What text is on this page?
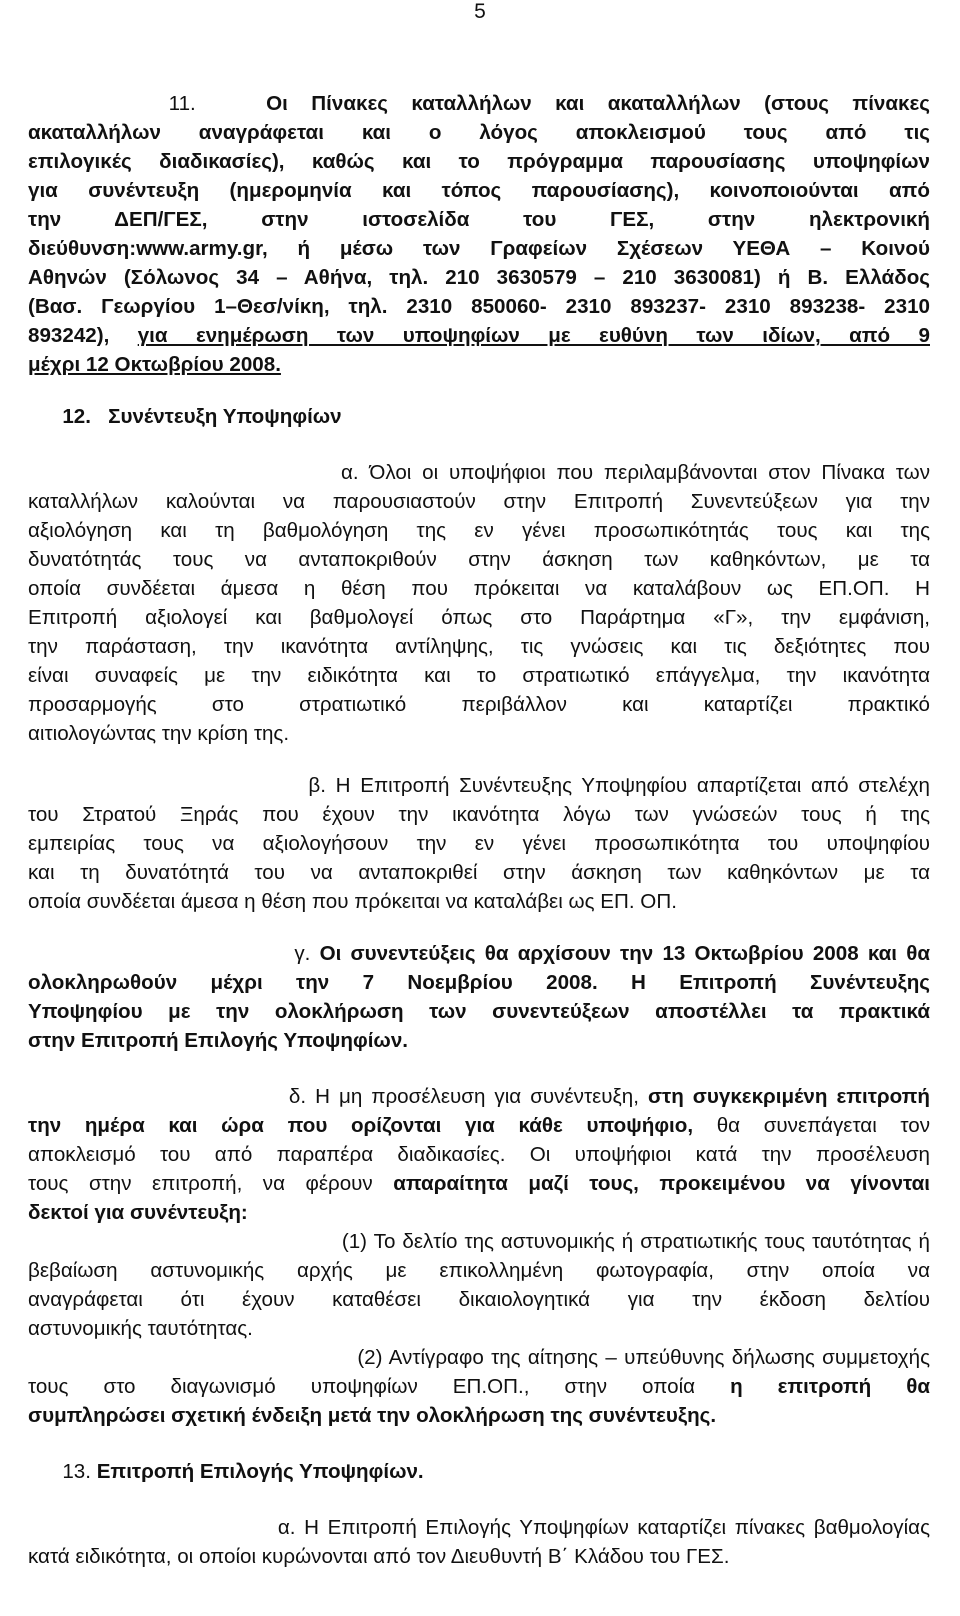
5
11.   Οι Πίνακες καταλλήλων και ακαταλλήλων (στους πίνακες
ακαταλλήλων αναγράφεται και ο λόγος αποκλεισμού τους από τις
επιλογικές διαδικασίες), καθώς και το πρόγραμμα παρουσίασης υποψηφίων
για συνέντευξη (ημερομηνία και τόπος παρουσίασης), κοινοποιούνται από
την ΔΕΠ/ΓΕΣ, στην ιστοσελίδα του ΓΕΣ, στην ηλεκτρονική
διεύθυνση:www.army.gr, ή μέσω των Γραφείων Σχέσεων ΥΕΘΑ – Κοινού
Αθηνών (Σόλωνος 34 – Αθήνα, τηλ. 210 3630579 – 210 3630081) ή Β. Ελλάδος
(Βασ. Γεωργίου 1–Θεσ/νίκη, τηλ. 2310 850060- 2310 893237- 2310 893238- 2310
893242), για ενημέρωση των υποψηφίων με ευθύνη των ιδίων, από 9
μέχρι 12 Οκτωβρίου 2008.
12.   Συνέντευξη Υποψηφίων
α. Όλοι οι υποψήφιοι που περιλαμβάνονται στον Πίνακα των
καταλλήλων καλούνται να παρουσιαστούν στην Επιτροπή Συνεντεύξεων για την
αξιολόγηση και τη βαθμολόγηση της εν γένει προσωπικότητάς τους και της
δυνατότητάς τους να ανταποκριθούν στην άσκηση των καθηκόντων, με τα
οποία συνδέεται άμεσα η θέση που πρόκειται να καταλάβουν ως ΕΠ.ΟΠ. Η
Επιτροπή αξιολογεί και βαθμολογεί όπως στο Παράρτημα «Γ», την εμφάνιση,
την παράσταση, την ικανότητα αντίληψης, τις γνώσεις και τις δεξιότητες που
είναι συναφείς με την ειδικότητα και το στρατιωτικό επάγγελμα, την ικανότητα
προσαρμογής στο στρατιωτικό περιβάλλον και καταρτίζει πρακτικό
αιτιολογώντας την κρίση της.
β. Η Επιτροπή Συνέντευξης Υποψηφίου απαρτίζεται από στελέχη
του Στρατού Ξηράς που έχουν την ικανότητα λόγω των γνώσεών τους ή της
εμπειρίας τους να αξιολογήσουν την εν γένει προσωπικότητα του υποψηφίου
και τη δυνατότητά του να ανταποκριθεί στην άσκηση των καθηκόντων με τα
οποία συνδέεται άμεσα η θέση που πρόκειται να καταλάβει ως ΕΠ. ΟΠ.
γ. Οι συνεντεύξεις θα αρχίσουν την 13 Οκτωβρίου 2008 και θα
ολοκληρωθούν μέχρι την 7 Νοεμβρίου 2008. Η Επιτροπή Συνέντευξης
Υποψηφίου με την ολοκλήρωση των συνεντεύξεων αποστέλλει τα πρακτικά
στην Επιτροπή Επιλογής Υποψηφίων.
δ. Η μη προσέλευση για συνέντευξη, στη συγκεκριμένη επιτροπή
την ημέρα και ώρα που ορίζονται για κάθε υποψήφιο, θα συνεπάγεται τον
αποκλεισμό του από παραπέρα διαδικασίες. Οι υποψήφιοι κατά την προσέλευση
τους στην επιτροπή, να φέρουν απαραίτητα μαζί τους, προκειμένου να γίνονται
δεκτοί για συνέντευξη:
(1) Το δελτίο της αστυνομικής ή στρατιωτικής τους ταυτότητας ή
βεβαίωση αστυνομικής αρχής με επικολλημένη φωτογραφία, στην οποία να
αναγράφεται ότι έχουν καταθέσει δικαιολογητικά για την έκδοση δελτίου
αστυνομικής ταυτότητας.
(2) Αντίγραφο της αίτησης – υπεύθυνης δήλωσης συμμετοχής
τους στο διαγωνισμό υποψηφίων ΕΠ.ΟΠ., στην οποία η επιτροπή θα
συμπληρώσει σχετική ένδειξη μετά την ολοκλήρωση της συνέντευξης.
13. Επιτροπή Επιλογής Υποψηφίων.
α. Η Επιτροπή Επιλογής Υποψηφίων καταρτίζει πίνακες βαθμολογίας
κατά ειδικότητα, οι οποίοι κυρώνονται από τον Διευθυντή Β΄ Κλάδου του ΓΕΣ.
